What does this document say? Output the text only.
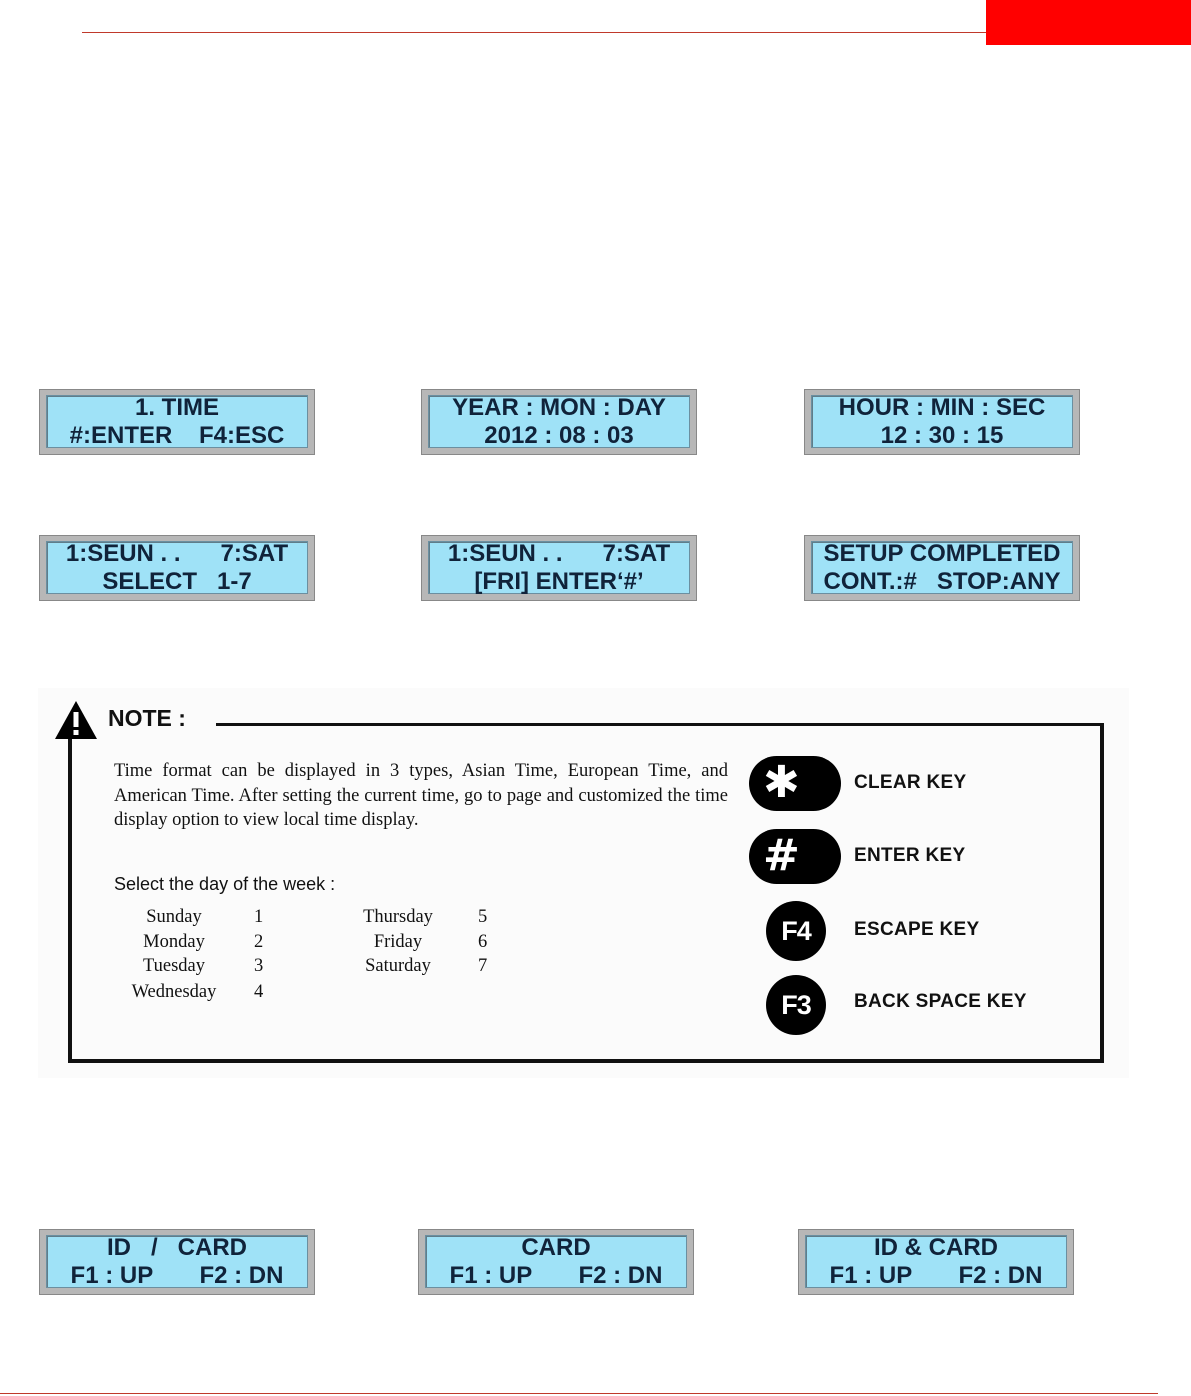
1. TIME
#:ENTER    F4:ESC
YEAR : MON : DAY
2012 : 08 : 03
HOUR : MIN : SEC
12 : 30 : 15
1:SEUN . .      7:SAT
SELECT   1-7
1:SEUN . .      7:SAT
[FRI] ENTER‘#’
SETUP COMPLETED
CONT.:#   STOP:ANY
NOTE :

Time format can be displayed in 3 types, Asian Time, European Time, and American Time. After setting the current time, go to page and customized the time display option to view local time display.

Select the day of the week :
Sunday	1
Monday	2
Tuesday	3
Wednesday	4
Thursday	5
Friday	6
Saturday	7
✱	CLEAR KEY
#	ENTER KEY
F4	ESCAPE KEY
F3	BACK SPACE KEY
ID   /   CARD
F1 : UP       F2 : DN
CARD
F1 : UP       F2 : DN
ID & CARD
F1 : UP       F2 : DN
